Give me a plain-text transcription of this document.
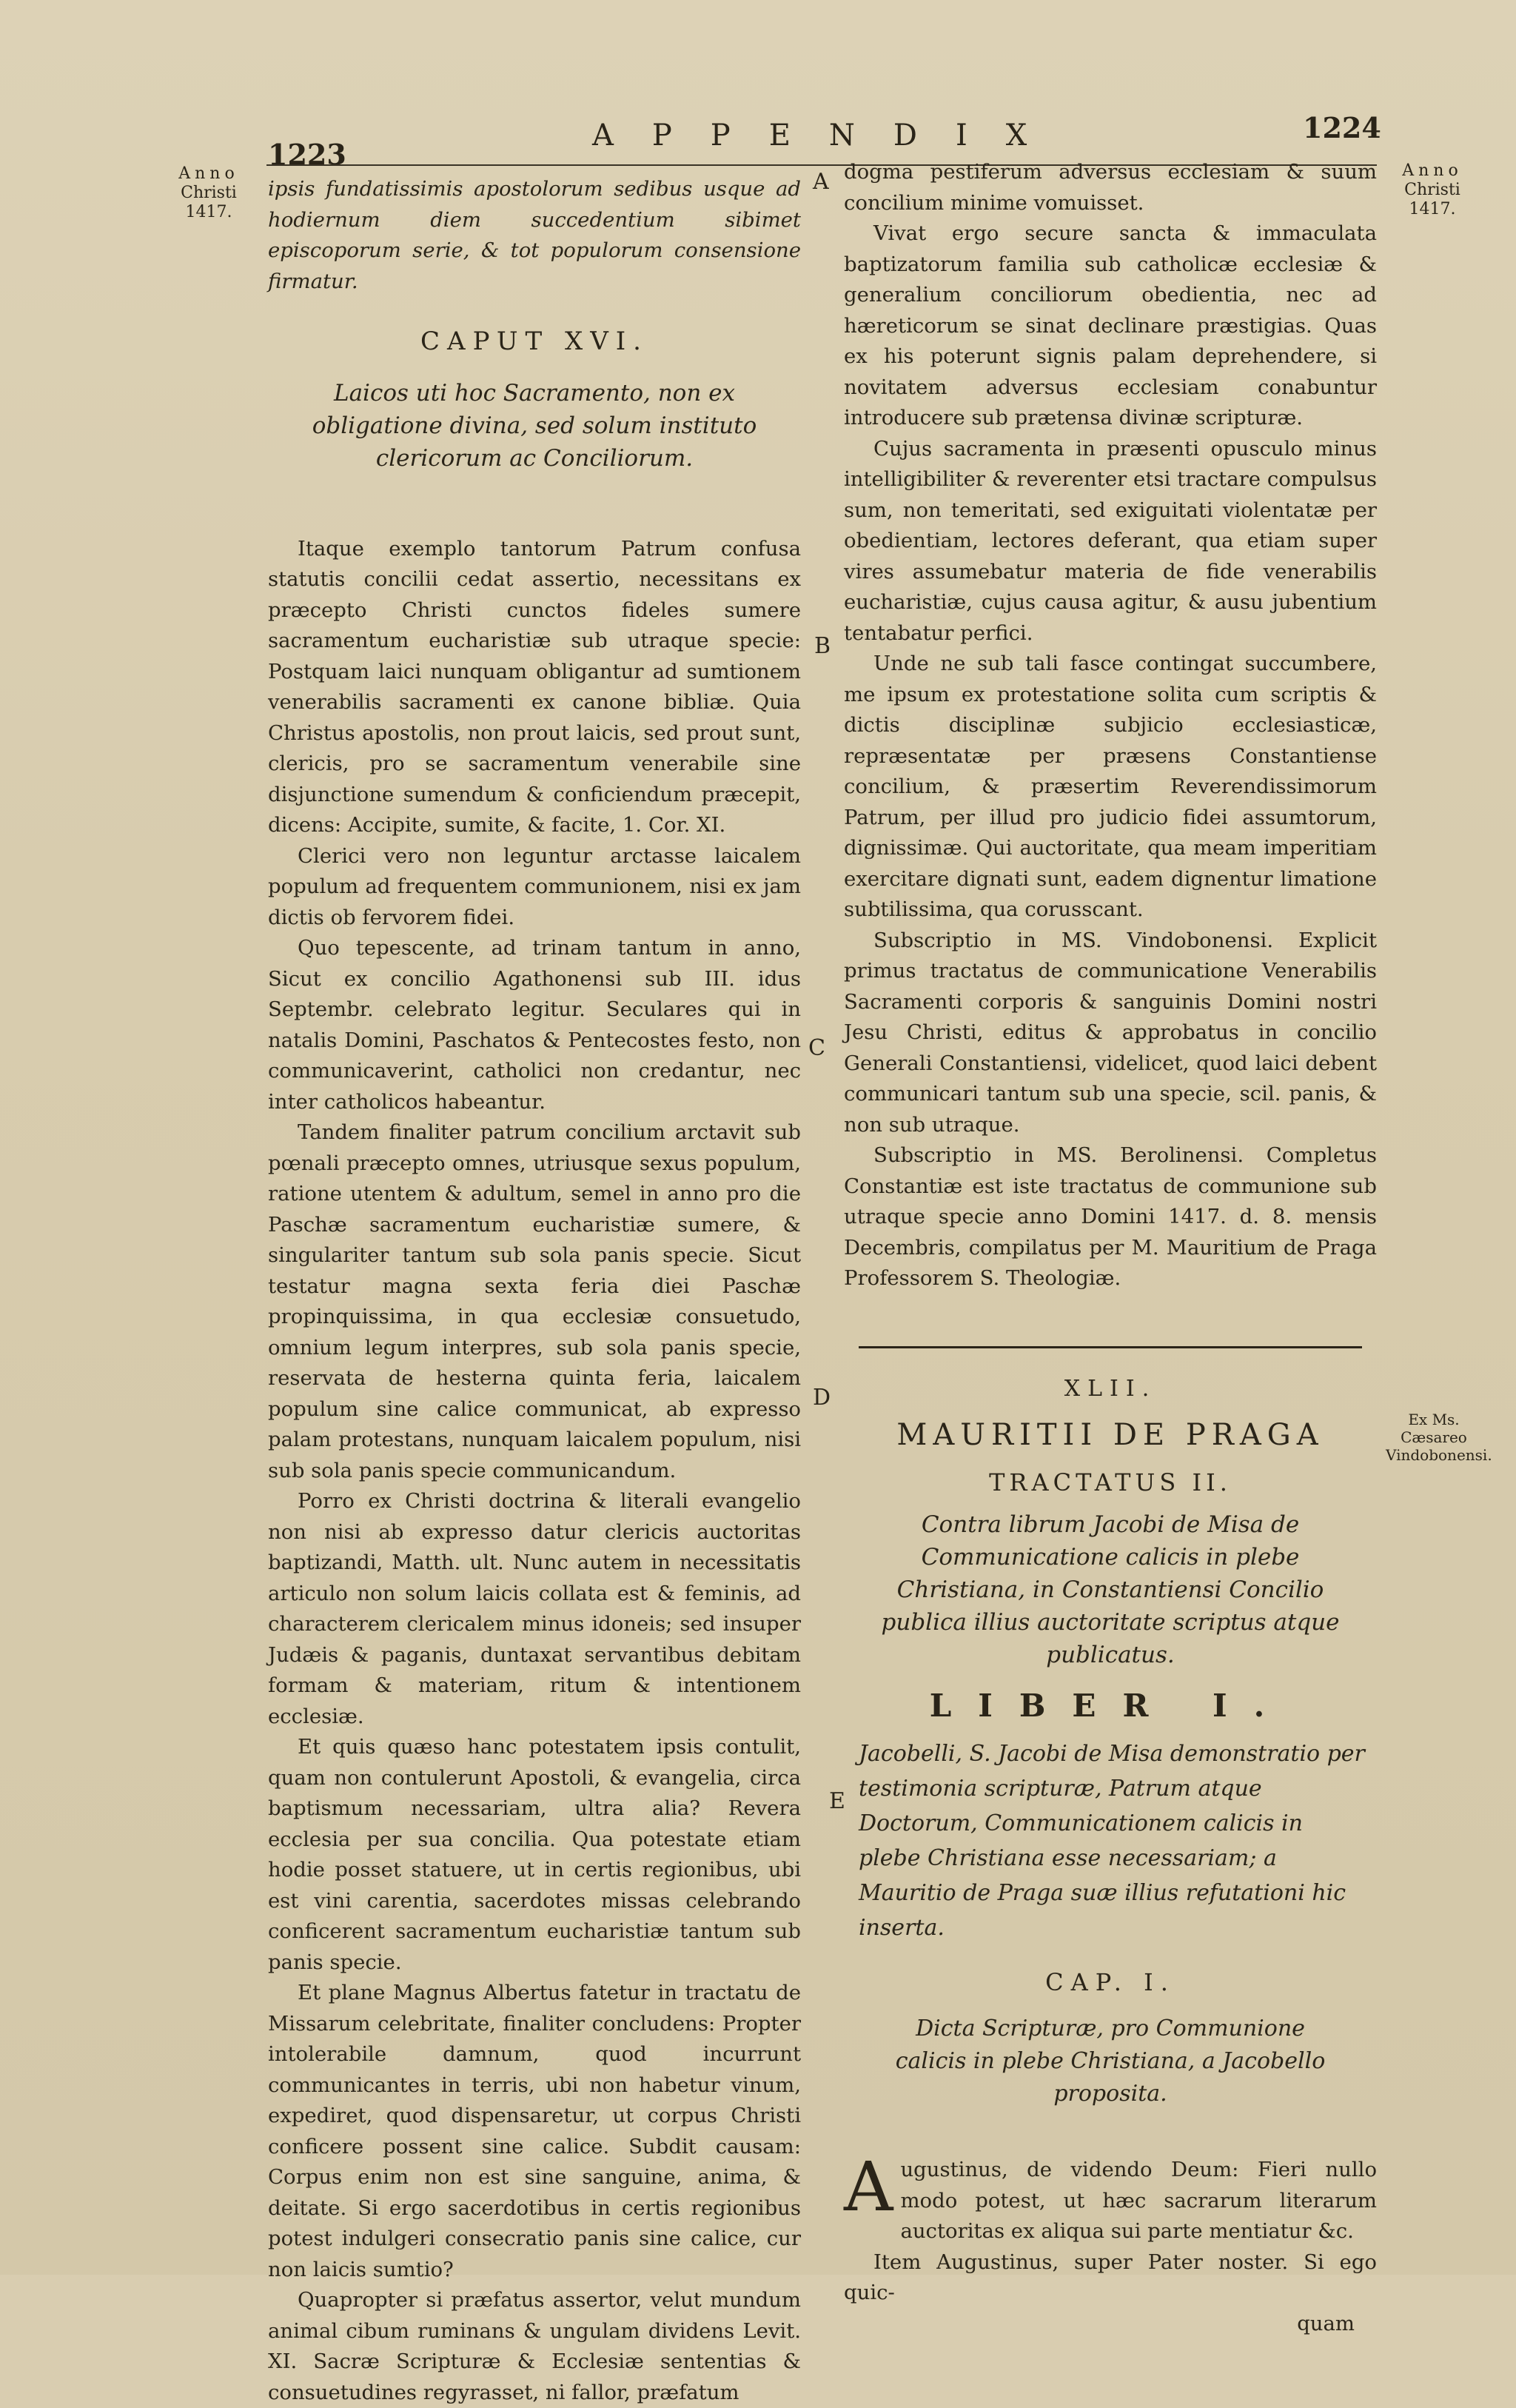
1223
APPENDIX	1224
Anno
Christi
1417.
Anno
Christi
1417.
Ex Ms. Cæsareo Vindobonensi.
A
B
C
D
E

ipsis fundatissimis apostolorum sedibus usque ad hodiernum diem succedentium sibimet episcoporum serie, & tot populorum consensione firmatur.

CAPUT XVI.
Laicos uti hoc Sacramento, non ex obligatione divina, sed solum instituto clericorum ac Conciliorum.

Itaque exemplo tantorum Patrum confusa statutis concilii cedat assertio, necessitans ex præcepto Christi cunctos fideles sumere sacramentum eucharistiæ sub utraque specie: Postquam laici nunquam obligantur ad sumtionem venerabilis sacramenti ex canone bibliæ. Quia Christus apostolis, non prout laicis, sed prout sunt, clericis, pro se sacramentum venerabile sine disjunctione sumendum & conficiendum præcepit, dicens: Accipite, sumite, & facite, 1. Cor. XI.

Clerici vero non leguntur arctasse laicalem populum ad frequentem communionem, nisi ex jam dictis ob fervorem fidei.

Quo tepescente, ad trinam tantum in anno, Sicut ex concilio Agathonensi sub III. idus Septembr. celebrato legitur. Seculares qui in natalis Domini, Paschatos & Pentecostes festo, non communicaverint, catholici non credantur, nec inter catholicos habeantur.

Tandem finaliter patrum concilium arctavit sub pœnali præcepto omnes, utriusque sexus populum, ratione utentem & adultum, semel in anno pro die Paschæ sacramentum eucharistiæ sumere, & singulariter tantum sub sola panis specie. Sicut testatur magna sexta feria diei Paschæ propinquissima, in qua ecclesiæ consuetudo, omnium legum interpres, sub sola panis specie, reservata de hesterna quinta feria, laicalem populum sine calice communicat, ab expresso palam protestans, nunquam laicalem populum, nisi sub sola panis specie communicandum.

Porro ex Christi doctrina & literali evangelio non nisi ab expresso datur clericis auctoritas baptizandi, Matth. ult. Nunc autem in necessitatis articulo non solum laicis collata est & feminis, ad characterem clericalem minus idoneis; sed insuper Judæis & paganis, duntaxat servantibus debitam formam & materiam, ritum & intentionem ecclesiæ.

Et quis quæso hanc potestatem ipsis contulit, quam non contulerunt Apostoli, & evangelia, circa baptismum necessariam, ultra alia? Revera ecclesia per sua concilia. Qua potestate etiam hodie posset statuere, ut in certis regionibus, ubi est vini carentia, sacerdotes missas celebrando conficerent sacramentum eucharistiæ tantum sub panis specie.

Et plane Magnus Albertus fatetur in tractatu de Missarum celebritate, finaliter concludens: Propter intolerabile damnum, quod incurrunt communicantes in terris, ubi non habetur vinum, expediret, quod dispensaretur, ut corpus Christi conficere possent sine calice. Subdit causam: Corpus enim non est sine sanguine, anima, & deitate. Si ergo sacerdotibus in certis regionibus potest indulgeri consecratio panis sine calice, cur non laicis sumtio?

Quapropter si præfatus assertor, velut mundum animal cibum ruminans & ungulam dividens Levit. XI. Sacræ Scripturæ & Ecclesiæ sententias & consuetudines regyrasset, ni fallor, præfatum

dogma pestiferum adversus ecclesiam & suum concilium minime vomuisset.

Vivat ergo secure sancta & immaculata baptizatorum familia sub catholicæ ecclesiæ & generalium conciliorum obedientia, nec ad hæreticorum se sinat declinare præstigias. Quas ex his poterunt signis palam deprehendere, si novitatem adversus ecclesiam conabuntur introducere sub prætensa divinæ scripturæ.

Cujus sacramenta in præsenti opusculo minus intelligibiliter & reverenter etsi tractare compulsus sum, non temeritati, sed exiguitati violentatæ per obedientiam, lectores deferant, qua etiam super vires assumebatur materia de fide venerabilis eucharistiæ, cujus causa agitur, & ausu jubentium tentabatur perfici.

Unde ne sub tali fasce contingat succumbere, me ipsum ex protestatione solita cum scriptis & dictis disciplinæ subjicio ecclesiasticæ, repræsentatæ per præsens Constantiense concilium, & præsertim Reverendissimorum Patrum, per illud pro judicio fidei assumtorum, dignissimæ. Qui auctoritate, qua meam imperitiam exercitare dignati sunt, eadem dignentur limatione subtilissima, qua corusscant.

Subscriptio in MS. Vindobonensi. Explicit primus tractatus de communicatione Venerabilis Sacramenti corporis & sanguinis Domini nostri Jesu Christi, editus & approbatus in concilio Generali Constantiensi, videlicet, quod laici debent communicari tantum sub una specie, scil. panis, & non sub utraque.

Subscriptio in MS. Berolinensi. Completus Constantiæ est iste tractatus de communione sub utraque specie anno Domini 1417. d. 8. mensis Decembris, compilatus per M. Mauritium de Praga Professorem S. Theologiæ.

XLII.
MAURITII DE PRAGA
TRACTATUS II.
Contra librum Jacobi de Misa de Communicatione calicis in plebe Christiana, in Constantiensi Concilio publica illius auctoritate scriptus atque publicatus.
LIBER I.
Jacobelli, S. Jacobi de Misa demonstratio per testimonia scripturæ, Patrum atque Doctorum, Communicationem calicis in plebe Christiana esse necessariam; a Mauritio de Praga suæ illius refutationi hic inserta.
CAP. I.
Dicta Scripturæ, pro Communione calicis in plebe Christiana, a Jacobello proposita.

Augustinus, de videndo Deum: Fieri nullo modo potest, ut hæc sacrarum literarum auctoritas ex aliqua sui parte mentiatur &c.

Item Augustinus, super Pater noster. Si ego quic-

quam
